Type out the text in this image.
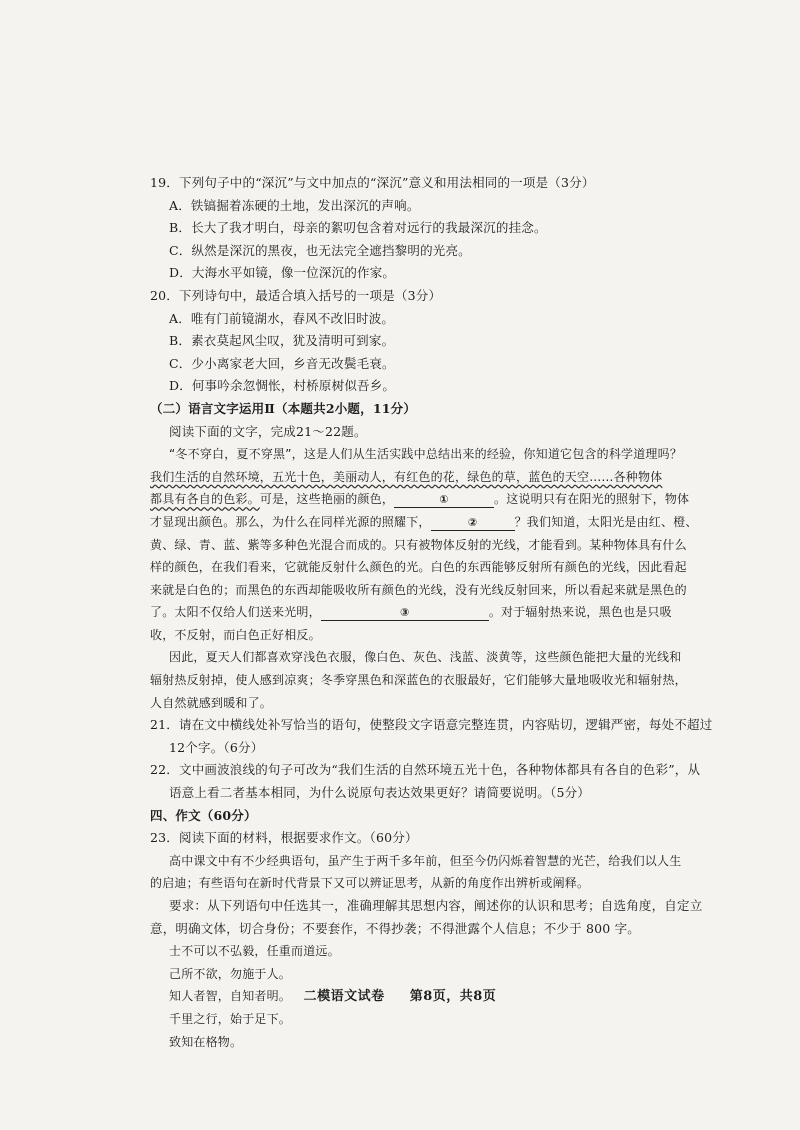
19．下列句子中的“深沉”与文中加点的“深沉”意义和用法相同的一项是（3分）
A．铁镐掘着冻硬的土地，发出深沉的声响。
B．长大了我才明白，母亲的絮叨包含着对远行的我最深沉的挂念。
C．纵然是深沉的黑夜，也无法完全遮挡黎明的光亮。
D．大海水平如镜，像一位深沉的作家。
20．下列诗句中，最适合填入括号的一项是（3分）
A．唯有门前镜湖水，春风不改旧时波。
B．素衣莫起风尘叹，犹及清明可到家。
C．少小离家老大回，乡音无改鬓毛衰。
D．何事吟余忽惆怅，村桥原树似吾乡。
（二）语言文字运用Ⅱ（本题共2小题，11分）
阅读下面的文字，完成21～22题。
“冬不穿白，夏不穿黑”，这是人们从生活实践中总结出来的经验，你知道它包含的科学道理吗？
我们生活的自然环境，五光十色，美丽动人，有红色的花，绿色的草，蓝色的天空……各种物体
都具有各自的色彩。可是，这些艳丽的颜色，	①	。这说明只有在阳光的照射下，物体
才显现出颜色。那么，为什么在同样光源的照耀下，	②	？我们知道，太阳光是由红、橙、
黄、绿、青、蓝、紫等多种色光混合而成的。只有被物体反射的光线，才能看到。某种物体具有什么
样的颜色，在我们看来，它就能反射什么颜色的光。白色的东西能够反射所有颜色的光线，因此看起
来就是白色的；而黑色的东西却能吸收所有颜色的光线，没有光线反射回来，所以看起来就是黑色的
了。太阳不仅给人们送来光明，	③	。对于辐射热来说，黑色也是只吸
收，不反射，而白色正好相反。
因此，夏天人们都喜欢穿浅色衣服，像白色、灰色、浅蓝、淡黄等，这些颜色能把大量的光线和
辐射热反射掉，使人感到凉爽；冬季穿黑色和深蓝色的衣服最好，它们能够大量地吸收光和辐射热，
人自然就感到暖和了。
21．请在文中横线处补写恰当的语句，使整段文字语意完整连贯，内容贴切，逻辑严密，每处不超过
12个字。（6分）
22．文中画波浪线的句子可改为“我们生活的自然环境五光十色，各种物体都具有各自的色彩”，从
语意上看二者基本相同，为什么说原句表达效果更好？请简要说明。（5分）
四、作文（60分）
23．阅读下面的材料，根据要求作文。（60分）
高中课文中有不少经典语句，虽产生于两千多年前，但至今仍闪烁着智慧的光芒，给我们以人生
的启迪；有些语句在新时代背景下又可以辨证思考，从新的角度作出辨析或阐释。
要求：从下列语句中任选其一，准确理解其思想内容，阐述你的认识和思考；自选角度，自定立
意，明确文体，切合身份；不要套作，不得抄袭；不得泄露个人信息；不少于 800 字。
士不可以不弘毅，任重而道远。
己所不欲，勿施于人。
知人者智，自知者明。
千里之行，始于足下。
致知在格物。
二模语文试卷 第8页，共8页
